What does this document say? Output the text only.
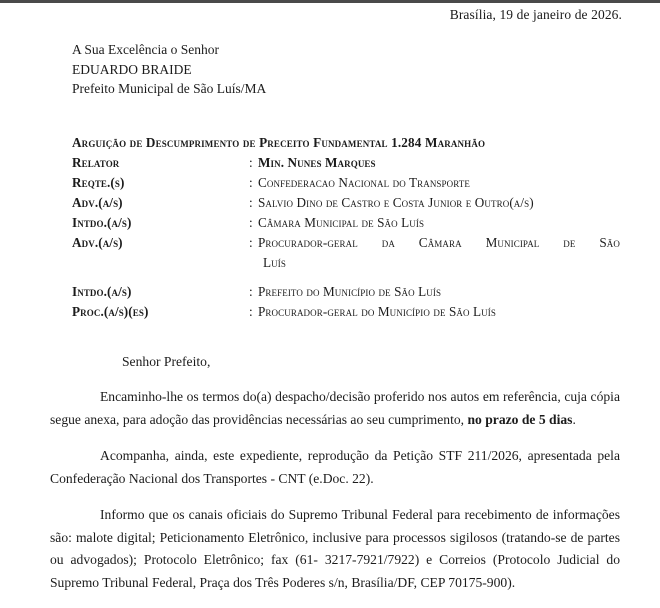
Brasília, 19 de janeiro de 2026.
A Sua Excelência o Senhor
EDUARDO BRAIDE
Prefeito Municipal de São Luís/MA
Arguição de Descumprimento de Preceito Fundamental 1.284 Maranhão
Relator	: Min. Nunes Marques
Reqte.(s)	: Confederacao Nacional do Transporte
Adv.(a/s)	: Salvio Dino de Castro e Costa Junior e Outro(a/s)
Intdo.(a/s)	: Câmara Municipal de São Luís
Adv.(a/s)	: Procurador-geral da Câmara Municipal de São
Luís
Intdo.(a/s)	: Prefeito do Município de São Luís
Proc.(a/s)(es)	: Procurador-geral do Município de São Luís
Senhor Prefeito,

Encaminho-lhe os termos do(a) despacho/decisão proferido nos autos em referência, cuja cópia segue anexa, para adoção das providências necessárias ao seu cumprimento, no prazo de 5 dias.

Acompanha, ainda, este expediente, reprodução da Petição STF 211/2026, apresentada pela Confederação Nacional dos Transportes - CNT (e.Doc. 22).

Informo que os canais oficiais do Supremo Tribunal Federal para recebimento de informações são: malote digital; Peticionamento Eletrônico, inclusive para processos sigilosos (tratando-se de partes ou advogados); Protocolo Eletrônico; fax (61- 3217-7921/7922) e Correios (Protocolo Judicial do Supremo Tribunal Federal, Praça dos Três Poderes s/n, Brasília/DF, CEP 70175-900).
